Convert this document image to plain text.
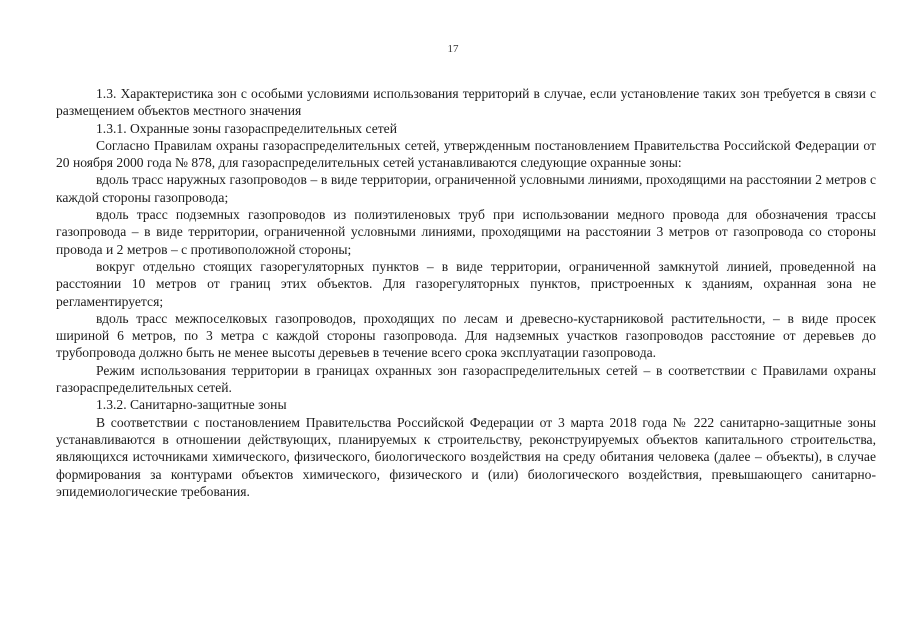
17

1.3. Характеристика зон с особыми условиями использования территорий в случае, если установление таких зон требуется в связи с размещением объектов местного значения

1.3.1. Охранные зоны газораспределительных сетей

Согласно Правилам охраны газораспределительных сетей, утвержденным постановлением Правительства Российской Федерации от 20 ноября 2000 года № 878, для газораспределительных сетей устанавливаются следующие охранные зоны:

вдоль трасс наружных газопроводов – в виде территории, ограниченной условными линиями, проходящими на расстоянии 2 метров с каждой стороны газопровода;

вдоль трасс подземных газопроводов из полиэтиленовых труб при использовании медного провода для обозначения трассы газопровода – в виде территории, ограниченной условными линиями, проходящими на расстоянии 3 метров от газопровода со стороны провода и 2 метров – с противоположной стороны;

вокруг отдельно стоящих газорегуляторных пунктов – в виде территории, ограниченной замкнутой линией, проведенной на расстоянии 10 метров от границ этих объектов. Для газорегуляторных пунктов, пристроенных к зданиям, охранная зона не регламентируется;

вдоль трасс межпоселковых газопроводов, проходящих по лесам и древесно-кустарниковой растительности, – в виде просек шириной 6 метров, по 3 метра с каждой стороны газопровода. Для надземных участков газопроводов расстояние от деревьев до трубопровода должно быть не менее высоты деревьев в течение всего срока эксплуатации газопровода.

Режим использования территории в границах охранных зон газораспределительных сетей – в соответствии с Правилами охраны газораспределительных сетей.

1.3.2. Санитарно-защитные зоны

В соответствии с постановлением Правительства Российской Федерации от 3 марта 2018 года № 222 санитарно-защитные зоны устанавливаются в отношении действующих, планируемых к строительству, реконструируемых объектов капитального строительства, являющихся источниками химического, физического, биологического воздействия на среду обитания человека (далее – объекты), в случае формирования за контурами объектов химического, физического и (или) биологического воздействия, превышающего санитарно-эпидемиологические требования.
